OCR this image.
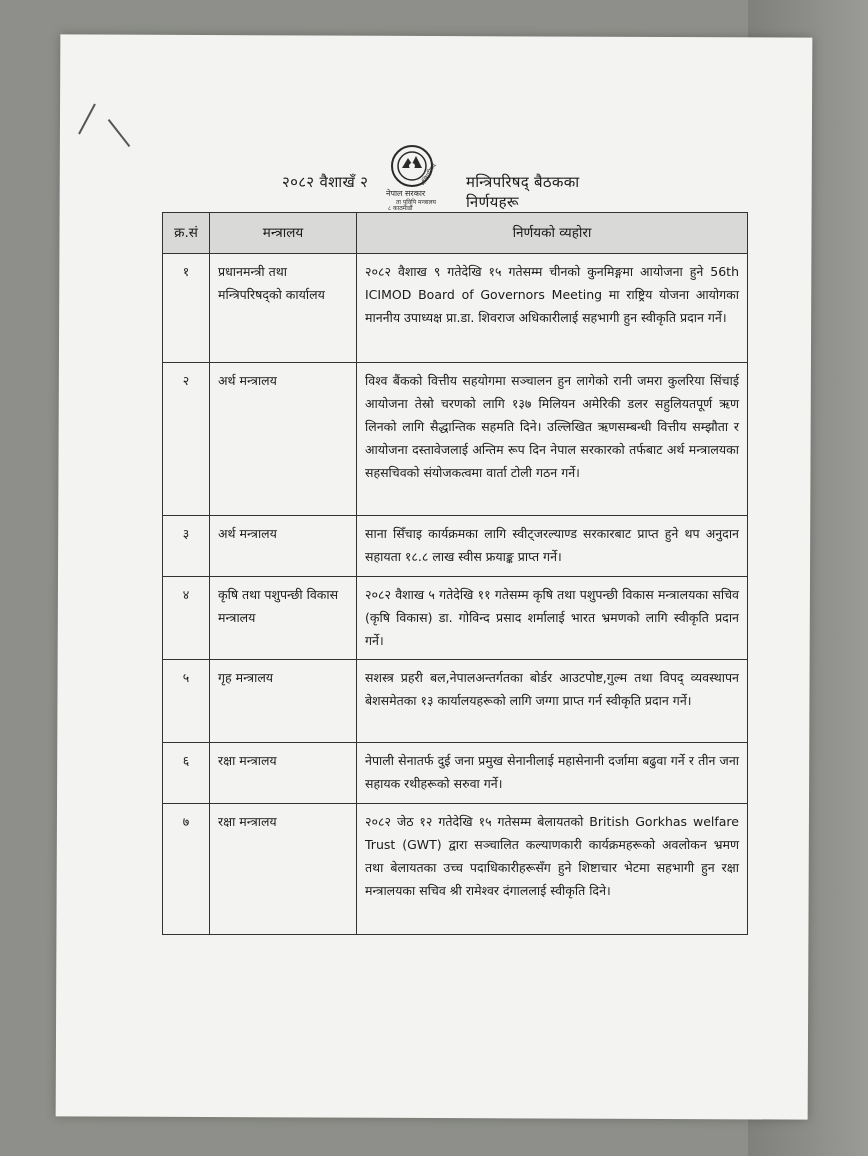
२०८२ वैशाखँ २	मन्त्रिपरिषद् बैठकका निर्णयहरू
नेपाल सरकार
मन्त्रिपरिषद
ता पुविपि मन्त्रालय
८ काठमाडौं
क्र.सं	मन्त्रालय	निर्णयको व्यहोरा
१	प्रधानमन्त्री तथा मन्त्रिपरिषद्को कार्यालय	२०८२ वैशाख ९ गतेदेखि १५ गतेसम्म चीनको कुनमिङ्गमा आयोजना हुने 56th ICIMOD Board of Governors Meeting मा राष्ट्रिय योजना आयोगका माननीय उपाध्यक्ष प्रा.डा. शिवराज अधिकारीलाई सहभागी हुन स्वीकृति प्रदान गर्ने।
२	अर्थ मन्त्रालय	विश्व बैंकको वित्तीय सहयोगमा सञ्चालन हुन लागेको रानी जमरा कुलरिया सिंचाई आयोजना तेस्रो चरणको लागि १३७ मिलियन अमेरिकी डलर सहुलियतपूर्ण ऋण लिनको लागि सैद्धान्तिक सहमति दिने। उल्लिखित ऋणसम्बन्धी वित्तीय सम्झौता र आयोजना दस्तावेजलाई अन्तिम रूप दिन नेपाल सरकारको तर्फबाट अर्थ मन्त्रालयका सहसचिवको संयोजकत्वमा वार्ता टोली गठन गर्ने।
३	अर्थ मन्त्रालय	साना सिँचाइ कार्यक्रमका लागि स्वीट्जरल्याण्ड सरकारबाट प्राप्त हुने थप अनुदान सहायता १८.८ लाख स्वीस फ्रयाङ्क प्राप्त गर्ने।
४	कृषि तथा पशुपन्छी विकास मन्त्रालय	२०८२ वैशाख ५ गतेदेखि ११ गतेसम्म कृषि तथा पशुपन्छी विकास मन्त्रालयका सचिव (कृषि विकास) डा. गोविन्द प्रसाद शर्मालाई भारत भ्रमणको लागि स्वीकृति प्रदान गर्ने।
५	गृह मन्त्रालय	सशस्त्र प्रहरी बल,नेपालअन्तर्गतका बोर्डर आउटपोष्ट,गुल्म तथा विपद् व्यवस्थापन बेशसमेतका १३ कार्यालयहरूको लागि जग्गा प्राप्त गर्न स्वीकृति प्रदान गर्ने।
६	रक्षा मन्त्रालय	नेपाली सेनातर्फ दुई जना प्रमुख सेनानीलाई महासेनानी दर्जामा बढुवा गर्ने र तीन जना सहायक रथीहरूको सरुवा गर्ने।
७	रक्षा मन्त्रालय	२०८२ जेठ १२ गतेदेखि १५ गतेसम्म बेलायतको British Gorkhas welfare Trust (GWT) द्वारा सञ्चालित कल्याणकारी कार्यक्रमहरूको अवलोकन भ्रमण तथा बेलायतका उच्च पदाधिकारीहरूसँग हुने शिष्टाचार भेटमा सहभागी हुन रक्षा मन्त्रालयका सचिव श्री रामेश्वर दंगाललाई स्वीकृति दिने।
